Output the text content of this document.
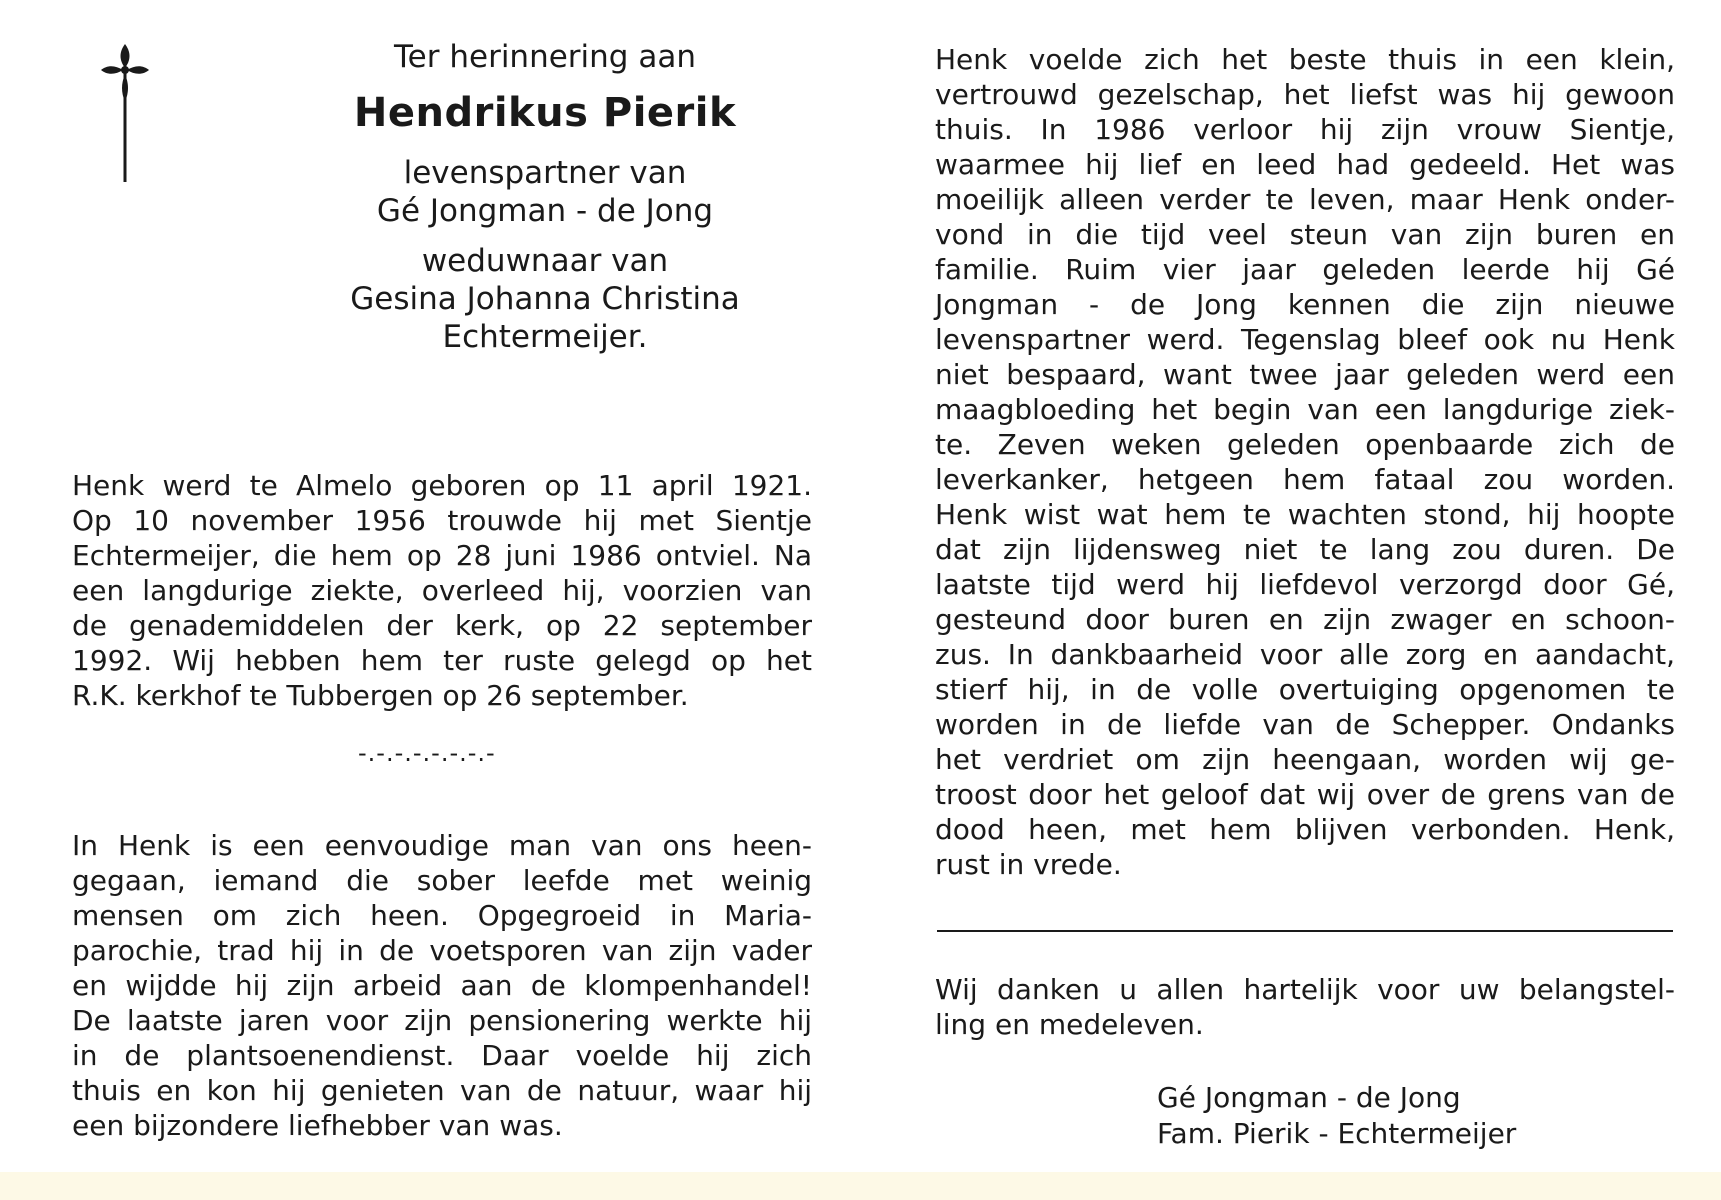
Ter herinnering aan
Hendrikus Pierik
levenspartner van
Gé Jongman - de Jong
weduwnaar van
Gesina Johanna Christina
Echtermeijer.
Henk werd te Almelo geboren op 11 april 1921.
Op 10 november 1956 trouwde hij met Sientje
Echtermeijer, die hem op 28 juni 1986 ontviel. Na
een langdurige ziekte, overleed hij, voorzien van
de genademiddelen der kerk, op 22 september
1992. Wij hebben hem ter ruste gelegd op het
R.K. kerkhof te Tubbergen op 26 september.
-.-.-.-.-.-.-.-
In Henk is een eenvoudige man van ons heen-
gegaan, iemand die sober leefde met weinig
mensen om zich heen. Opgegroeid in Maria-
parochie, trad hij in de voetsporen van zijn vader
en wijdde hij zijn arbeid aan de klompenhandel!
De laatste jaren voor zijn pensionering werkte hij
in de plantsoenendienst. Daar voelde hij zich
thuis en kon hij genieten van de natuur, waar hij
een bijzondere liefhebber van was.
Henk voelde zich het beste thuis in een klein,
vertrouwd gezelschap, het liefst was hij gewoon
thuis. In 1986 verloor hij zijn vrouw Sientje,
waarmee hij lief en leed had gedeeld. Het was
moeilijk alleen verder te leven, maar Henk onder-
vond in die tijd veel steun van zijn buren en
familie. Ruim vier jaar geleden leerde hij Gé
Jongman - de Jong kennen die zijn nieuwe
levenspartner werd. Tegenslag bleef ook nu Henk
niet bespaard, want twee jaar geleden werd een
maagbloeding het begin van een langdurige ziek-
te. Zeven weken geleden openbaarde zich de
leverkanker, hetgeen hem fataal zou worden.
Henk wist wat hem te wachten stond, hij hoopte
dat zijn lijdensweg niet te lang zou duren. De
laatste tijd werd hij liefdevol verzorgd door Gé,
gesteund door buren en zijn zwager en schoon-
zus. In dankbaarheid voor alle zorg en aandacht,
stierf hij, in de volle overtuiging opgenomen te
worden in de liefde van de Schepper. Ondanks
het verdriet om zijn heengaan, worden wij ge-
troost door het geloof dat wij over de grens van de
dood heen, met hem blijven verbonden. Henk,
rust in vrede.
Wij danken u allen hartelijk voor uw belangstel-
ling en medeleven.
Gé Jongman - de Jong
Fam. Pierik - Echtermeijer
